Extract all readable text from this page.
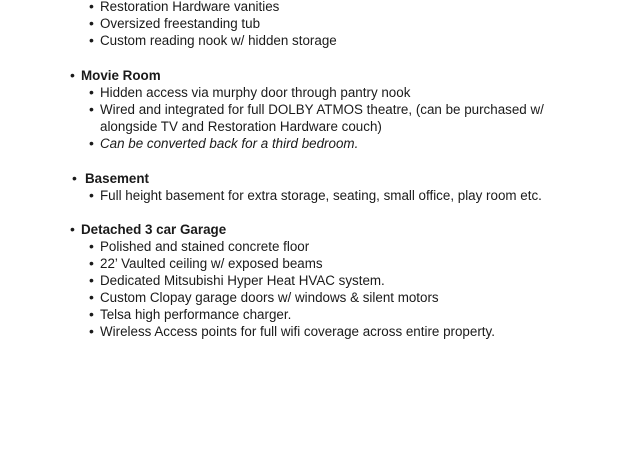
• Restoration Hardware vanities
• Oversized freestanding tub
• Custom reading nook w/ hidden storage
• Movie Room
• Hidden access via murphy door through pantry nook
• Wired and integrated for full DOLBY ATMOS theatre, (can be purchased w/
alongside TV and Restoration Hardware couch)
• Can be converted back for a third bedroom.
• Basement
• Full height basement for extra storage, seating, small office, play room etc.
• Detached 3 car Garage
• Polished and stained concrete floor
• 22’ Vaulted ceiling w/ exposed beams
• Dedicated Mitsubishi Hyper Heat HVAC system.
• Custom Clopay garage doors w/ windows & silent motors
• Telsa high performance charger.
• Wireless Access points for full wifi coverage across entire property.
